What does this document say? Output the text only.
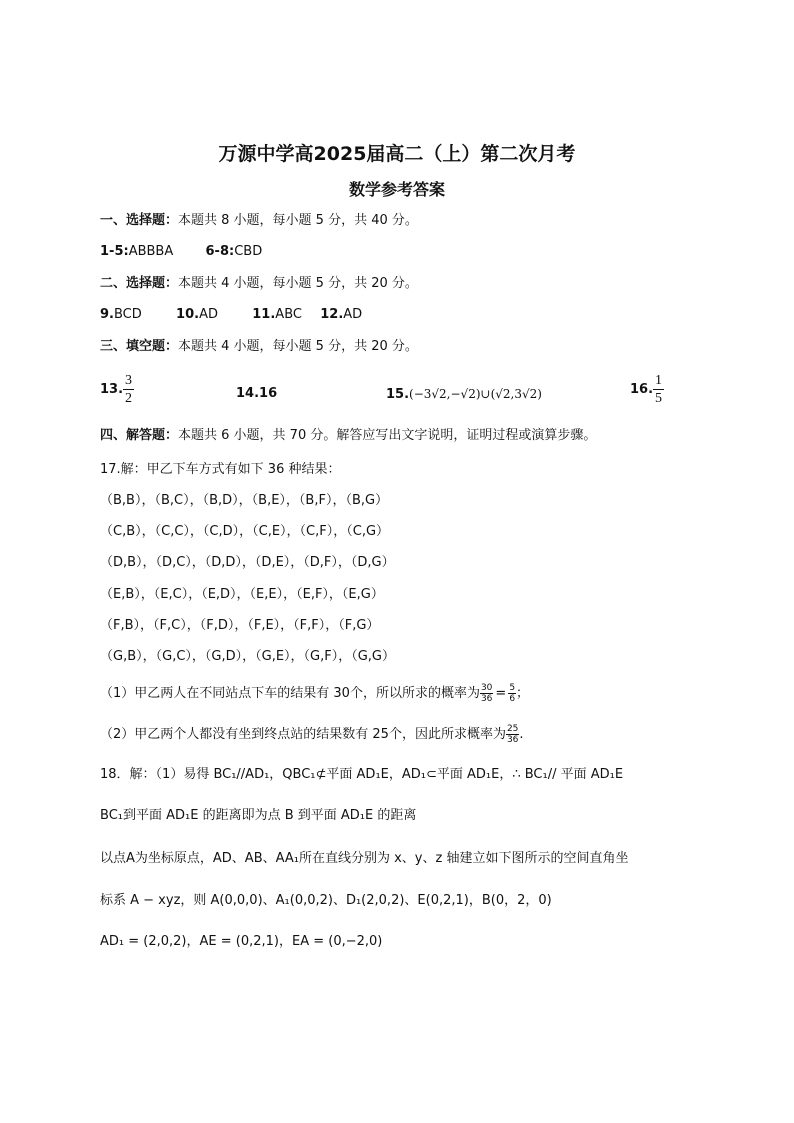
万源中学高2025届高二（上）第二次月考
数学参考答案
一、选择题：本题共 8 小题，每小题 5 分，共 40 分。
1-5:ABBBA 6-8:CBD
二、选择题：本题共 4 小题，每小题 5 分，共 20 分。
9.BCD	10.AD	11.ABC 12.AD
三、填空题：本题共 4 小题，每小题 5 分，共 20 分。
13. $\frac{3}{2}$	14.16	15.(−3√2,−√2)∪(√2,3√2)	16. $\frac{1}{5}$
四、解答题：本题共 6 小题，共 70 分。解答应写出文字说明，证明过程或演算步骤。
17.解：甲乙下车方式有如下 36 种结果：
（B,B），（B,C），（B,D），（B,E），（B,F），（B,G）
（C,B），（C,C），（C,D），（C,E），（C,F），（C,G）
（D,B），（D,C），（D,D），（D,E），（D,F），（D,G）
（E,B），（E,C），（E,D），（E,E），（E,F），（E,G）
（F,B），（F,C），（F,D），（F,E），（F,F），（F,G）
（G,B），（G,C），（G,D），（G,E），（G,F），（G,G）
（1）甲乙两人在不同站点下车的结果有 30个，所以所求的概率为 $\frac{30}{36} = \frac{5}{6}$ ；
（2）甲乙两个人都没有坐到终点站的结果数有 25个，因此所求概率为 $\frac{25}{36}$ .
18．解：（1）易得 BC₁//AD₁，QBC₁⊄平面 AD₁E，AD₁⊂平面 AD₁E，∴ BC₁// 平面 AD₁E
BC₁到平面 AD₁E 的距离即为点 B 到平面 AD₁E 的距离
以点A为坐标原点，AD、AB、AA₁所在直线分别为 x、y、z 轴建立如下图所示的空间直角坐
标系 A − xyz，则 A(0,0,0)、A₁(0,0,2)、D₁(2,0,2)、E(0,2,1)，B(0，2，0)
AD₁ = (2,0,2)，AE = (0,2,1)，EA = (0,−2,0)
